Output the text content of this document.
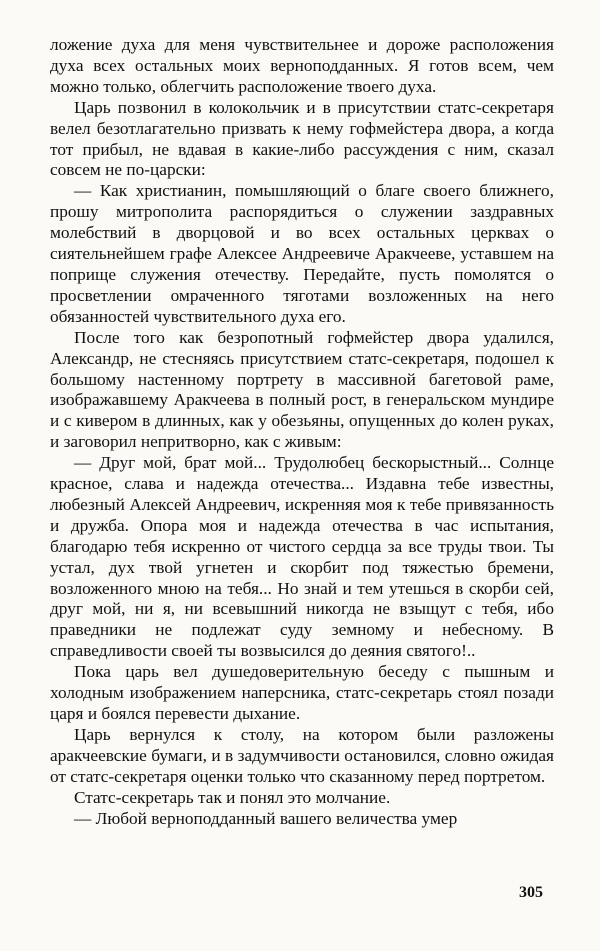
ложение духа для меня чувствительнее и дороже расположения духа всех остальных моих верноподданных. Я готов всем, чем можно только, облегчить расположение твоего духа.

Царь позвонил в колокольчик и в присутствии статс-секретаря велел безотлагательно призвать к нему гофмейстера двора, а когда тот прибыл, не вдавая в какие-либо рассуждения с ним, сказал совсем не по-царски:

— Как христианин, помышляющий о благе своего ближнего, прошу митрополита распорядиться о служении заздравных молебствий в дворцовой и во всех остальных церквах о сиятельнейшем графе Алексее Андреевиче Аракчееве, уставшем на поприще служения отечеству. Передайте, пусть помолятся о просветлении омраченного тяготами возложенных на него обязанностей чувствительного духа его.

После того как безропотный гофмейстер двора удалился, Александр, не стесняясь присутствием статс-секретаря, подошел к большому настенному портрету в массивной багетовой раме, изображавшему Аракчеева в полный рост, в генеральском мундире и с кивером в длинных, как у обезьяны, опущенных до колен руках, и заговорил непритворно, как с живым:

— Друг мой, брат мой... Трудолюбец бескорыстный... Солнце красное, слава и надежда отечества... Издавна тебе известны, любезный Алексей Андреевич, искренняя моя к тебе привязанность и дружба. Опора моя и надежда отечества в час испытания, благодарю тебя искренно от чистого сердца за все труды твои. Ты устал, дух твой угнетен и скорбит под тяжестью бремени, возложенного мною на тебя... Но знай и тем утешься в скорби сей, друг мой, ни я, ни всевышний никогда не взыщут с тебя, ибо праведники не подлежат суду земному и небесному. В справедливости своей ты возвысился до деяния святого!..

Пока царь вел душедоверительную беседу с пышным и холодным изображением наперсника, статс-секретарь стоял позади царя и боялся перевести дыхание.

Царь вернулся к столу, на котором были разложены аракчеевские бумаги, и в задумчивости остановился, словно ожидая от статс-секретаря оценки только что сказанному перед портретом.

Статс-секретарь так и понял это молчание.

— Любой верноподданный вашего величества умер

305
